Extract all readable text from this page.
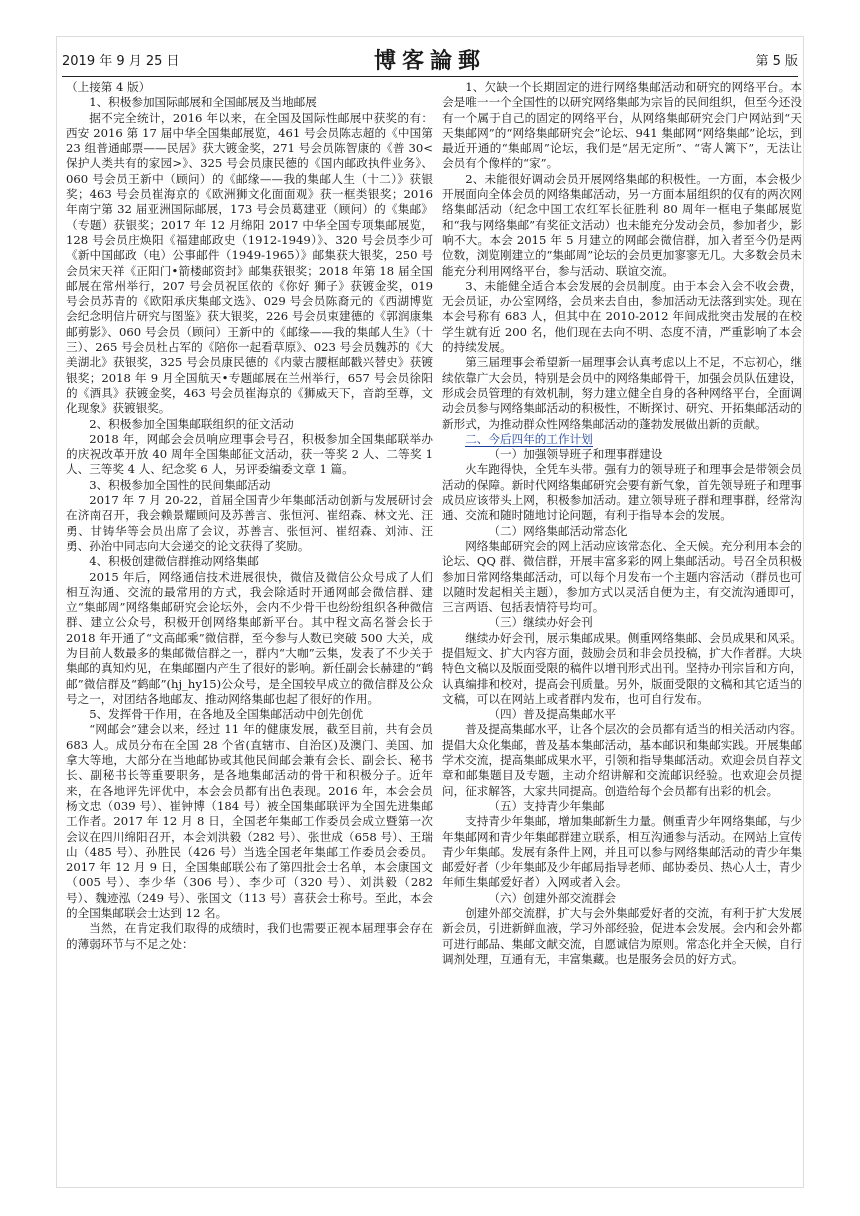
2019 年 9 月 25 日	博客論郵	第 5 版

（上接第 4 版）

1、积极参加国际邮展和全国邮展及当地邮展

据不完全统计，2016 年以来，在全国及国际性邮展中获奖的有：西安 2016 第 17 届中华全国集邮展览，461 号会员陈志超的《中国第 23 组普通邮票——民居》获大镀金奖，271 号会员陈智康的《普 30<保护人类共有的家园>》、325 号会员康民德的《国内邮政执件业务》、060 号会员王新中（顾问）的《邮缘——我的集邮人生（十二）》获银奖；463 号会员崔海京的《欧洲狮文化面面观》获一框类银奖；2016 年南宁第 32 届亚洲国际邮展，173 号会员葛建亚（顾问）的《集邮》（专题）获银奖；2017 年 12 月绵阳 2017 中华全国专项集邮展览，128 号会员庄焕阳《福建邮政史（1912-1949）》、320 号会员李少可《新中国邮政（电）公事邮件（1949-1965）》邮集获大银奖，250 号会员宋天祥《正阳门•箭楼邮资封》邮集获银奖；2018 年第 18 届全国邮展在常州举行，207 号会员祝匡依的《你好 狮子》获镀金奖，019 号会员苏青的《欧阳承庆集邮文选》、029 号会员陈裔元的《西湖博览会纪念明信片研究与图鉴》获大银奖，226 号会员束建德的《郭润康集邮剪影》、060 号会员（顾问）王新中的《邮缘——我的集邮人生》（十三）、265 号会员杜占军的《陪你一起看草原》、023 号会员魏苏的《大美湖北》获银奖，325 号会员康民德的《内蒙古腰框邮戳兴替史》获镀银奖；2018 年 9 月全国航天•专题邮展在兰州举行，657 号会员徐阳的《酒具》获镀金奖，463 号会员崔海京的《狮威天下，音韵至尊，文化现象》获镀银奖。

2、积极参加全国集邮联组织的征文活动

2018 年，网邮会会员响应理事会号召，积极参加全国集邮联举办的庆祝改革开放 40 周年全国集邮征文活动，获一等奖 2 人、二等奖 1 人、三等奖 4 人、纪念奖 6 人，另评委编委文章 1 篇。

3、积极参加全国性的民间集邮活动

2017 年 7 月 20-22，首届全国青少年集邮活动创新与发展研讨会在济南召开，我会赖景耀顾问及苏善言、张恒河、崔绍森、林文光、汪勇、甘铸华等会员出席了会议，苏善言、张恒河、崔绍森、刘沛、汪勇、孙治中同志向大会递交的论文获得了奖励。

4、积极创建微信群推动网络集邮

2015 年后，网络通信技术进展很快，微信及微信公众号成了人们相互沟通、交流的最常用的方式，我会除适时开通网邮会微信群、建立“集邮周”网络集邮研究会论坛外，会内不少骨干也纷纷组织各种微信群、建立公众号，积极开创网络集邮新平台。其中程文高名誉会长于 2018 年开通了“文高邮乘”微信群，至今参与人数已突破 500 大关，成为目前人数最多的集邮微信群之一，群内“大咖”云集，发表了不少关于集邮的真知灼见，在集邮圈内产生了很好的影响。新任副会长赫建的“鹤邮”微信群及“鹤邮”(hj_hy15)公众号，是全国较早成立的微信群及公众号之一，对团结各地邮友、推动网络集邮也起了很好的作用。

5、发挥骨干作用，在各地及全国集邮活动中创先创优

“网邮会”建会以来，经过 11 年的健康发展，截至目前，共有会员 683 人。成员分布在全国 28 个省(直辖市、自治区)及澳门、美国、加拿大等地，大部分在当地邮协或其他民间邮会兼有会长、副会长、秘书长、副秘书长等重要职务，是各地集邮活动的骨干和积极分子。近年来，在各地评先评优中，本会会员都有出色表现。2016 年，本会会员杨文忠（039 号）、崔钟博（184 号）被全国集邮联评为全国先进集邮工作者。2017 年 12 月 8 日，全国老年集邮工作委员会成立暨第一次会议在四川绵阳召开，本会刘洪毅（282 号）、张世成（658 号）、王瑞山（485 号）、孙胜民（426 号）当选全国老年集邮工作委员会委员。2017 年 12 月 9 日，全国集邮联公布了第四批会士名单，本会康国文（005 号）、李少华（306 号）、李少可（320 号）、刘洪毅（282 号）、魏迹泓（249 号）、张国文（113 号）喜获会士称号。至此，本会的全国集邮联会士达到 12 名。

当然，在肯定我们取得的成绩时，我们也需要正视本届理事会存在的薄弱环节与不足之处：

1、欠缺一个长期固定的进行网络集邮活动和研究的网络平台。本会是唯一一个全国性的以研究网络集邮为宗旨的民间组织，但至今还没有一个属于自己的固定的网络平台，从网络集邮研究会门户网站到“天天集邮网”的“网络集邮研究会”论坛、941 集邮网“网络集邮”论坛，到最近开通的“集邮周”论坛，我们是“居无定所”、“寄人篱下”，无法让会员有个像样的“家”。

2、未能很好调动会员开展网络集邮的积极性。一方面，本会极少开展面向全体会员的网络集邮活动，另一方面本届组织的仅有的两次网络集邮活动（纪念中国工农红军长征胜利 80 周年一框电子集邮展览和“我与网络集邮”有奖征文活动）也未能充分发动会员，参加者少，影响不大。本会 2015 年 5 月建立的网邮会微信群，加入者至今仍是两位数，浏览刚建立的“集邮周”论坛的会员更加寥寥无几。大多数会员未能充分利用网络平台，参与活动、联谊交流。

3、未能健全适合本会发展的会员制度。由于本会入会不收会费，无会员证，办公室网络，会员来去自由，参加活动无法落到实处。现在本会号称有 683 人，但其中在 2010-2012 年间成批突击发展的在校学生就有近 200 名，他们现在去向不明、态度不清，严重影响了本会的持续发展。

第三届理事会希望新一届理事会认真考虑以上不足，不忘初心，继续依靠广大会员，特别是会员中的网络集邮骨干，加强会员队伍建设，形成会员管理的有效机制，努力建立健全自身的各种网络平台，全面调动会员参与网络集邮活动的积极性，不断探讨、研究、开拓集邮活动的新形式，为推动群众性网络集邮活动的蓬勃发展做出新的贡献。

二、今后四年的工作计划

（一）加强领导班子和理事群建设

火车跑得快，全凭车头带。强有力的领导班子和理事会是带领会员活动的保障。新时代网络集邮研究会要有新气象，首先领导班子和理事成员应该带头上网，积极参加活动。建立领导班子群和理事群，经常沟通、交流和随时随地讨论问题，有利于指导本会的发展。

（二）网络集邮活动常态化

网络集邮研究会的网上活动应该常态化、全天候。充分利用本会的论坛、QQ 群、微信群，开展丰富多彩的网上集邮活动。号召全员积极参加日常网络集邮活动，可以每个月发布一个主题内容活动（群员也可以随时发起相关主题），参加方式以灵活自便为主，有交流沟通即可，三言两语、包括表情符号均可。

（三）继续办好会刊

继续办好会刊，展示集邮成果。侧重网络集邮、会员成果和风采。提倡短文、扩大内容方面，鼓励会员和非会员投稿，扩大作者群。大块特色文稿以及版面受限的稿件以增刊形式出刊。坚持办刊宗旨和方向，认真编排和校对，提高会刊质量。另外，版面受限的文稿和其它适当的文稿，可以在网站上或者群内发布，也可自行发布。

（四）普及提高集邮水平

普及提高集邮水平，让各个层次的会员都有适当的相关活动内容。提倡大众化集邮，普及基本集邮活动，基本邮识和集邮实践。开展集邮学术交流，提高集邮成果水平，引领和指导集邮活动。欢迎会员自荐文章和邮集题目及专题，主动介绍讲解和交流邮识经验。也欢迎会员提问，征求解答，大家共同提高。创造给每个会员都有出彩的机会。

（五）支持青少年集邮

支持青少年集邮，增加集邮新生力量。侧重青少年网络集邮，与少年集邮网和青少年集邮群建立联系，相互沟通参与活动。在网站上宣传青少年集邮。发展有条件上网，并且可以参与网络集邮活动的青少年集邮爱好者（少年集邮及少年邮局指导老师、邮协委员、热心人士，青少年师生集邮爱好者）入网或者入会。

（六）创建外部交流群会

创建外部交流群，扩大与会外集邮爱好者的交流，有利于扩大发展新会员，引进新鲜血液，学习外部经验，促进本会发展。会内和会外都可进行邮品、集邮文献交流，自愿诚信为原则。常态化并全天候，自行调剂处理，互通有无，丰富集藏。也是服务会员的好方式。
